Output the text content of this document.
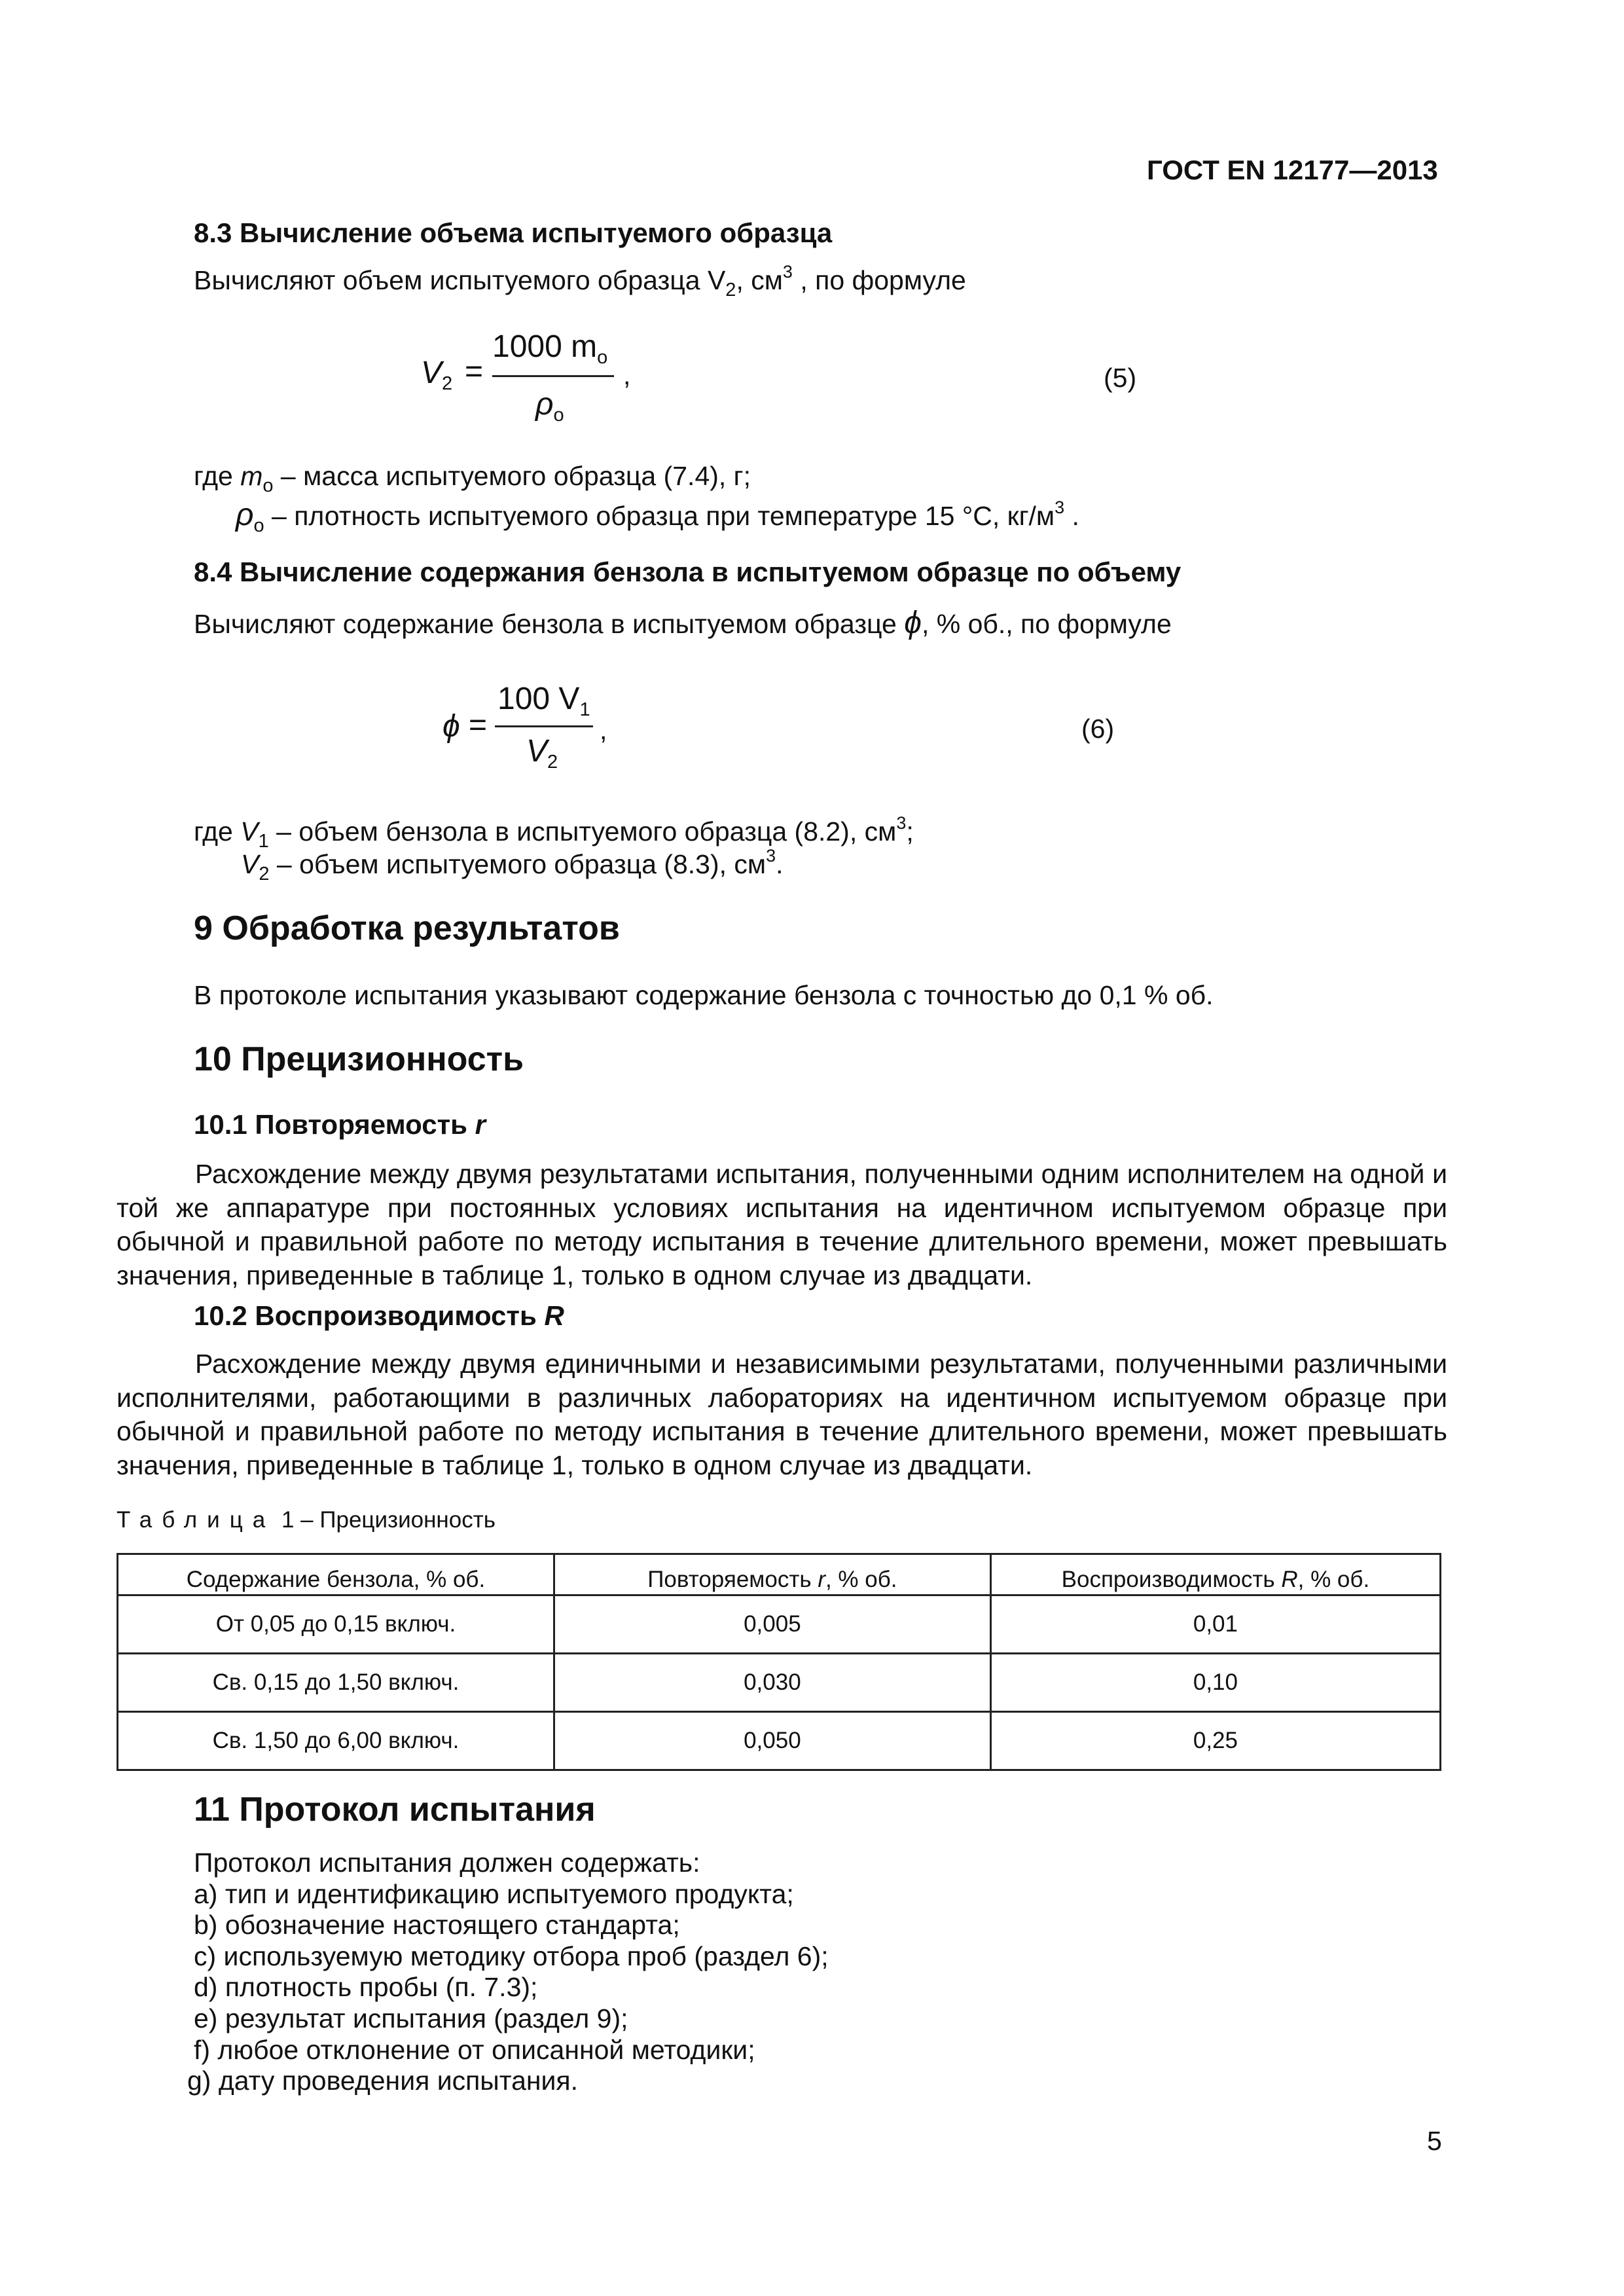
ГОСТ EN 12177—2013
8.3 Вычисление объема испытуемого образца
Вычисляют объем испытуемого образца $V_2$, $см^3$ , по формуле
$V_2$ =
1000 $m_o$
$\rho_o$
,	(5)
где $m_o$ – масса испытуемого образца (7.4), г;
$\rho_o$ – плотность испытуемого образца при температуре 15 °С, $кг/м^3$ .
8.4 Вычисление содержания бензола в испытуемом образце по объему
Вычисляют содержание бензола в испытуемом образце ϕ, % об., по формуле
ϕ =
100 $V_1$
$V_2$
,	(6)
где $V_1$ – объем бензола в испытуемого образца (8.2), $см^3$;
$V_2$ – объем испытуемого образца (8.3), $см^3$.
9 Обработка результатов
В протоколе испытания указывают содержание бензола с точностью до 0,1 % об.
10 Прецизионность
10.1 Повторяемость r

Расхождение между двумя результатами испытания, полученными одним исполнителем на одной и той же аппаратуре при постоянных условиях испытания на идентичном испытуемом образце при обычной и правильной работе по методу испытания в течение длительного времени, может превышать значения, приведенные в таблице 1, только в одном случае из двадцати.

10.2 Воспроизводимость R

Расхождение между двумя единичными и независимыми результатами, полученными различными исполнителями, работающими в различных лабораториях на идентичном испытуемом образце при обычной и правильной работе по методу испытания в течение длительного времени, может превышать значения, приведенные в таблице 1, только в одном случае из двадцати.

Таблица 1 – Прецизионность
Содержание бензола, % об.	Повторяемость r, % об.	Воспроизводимость R, % об.
От 0,05 до 0,15 включ.	0,005	0,01
Св. 0,15 до 1,50 включ.	0,030	0,10
Св. 1,50 до 6,00 включ.	0,050	0,25
11 Протокол испытания
Протокол испытания должен содержать:
a) тип и идентификацию испытуемого продукта;
b) обозначение настоящего стандарта;
c) используемую методику отбора проб (раздел 6);
d) плотность пробы (п. 7.3);
e) результат испытания (раздел 9);
f) любое отклонение от описанной методики;
g) дату проведения испытания.
5
